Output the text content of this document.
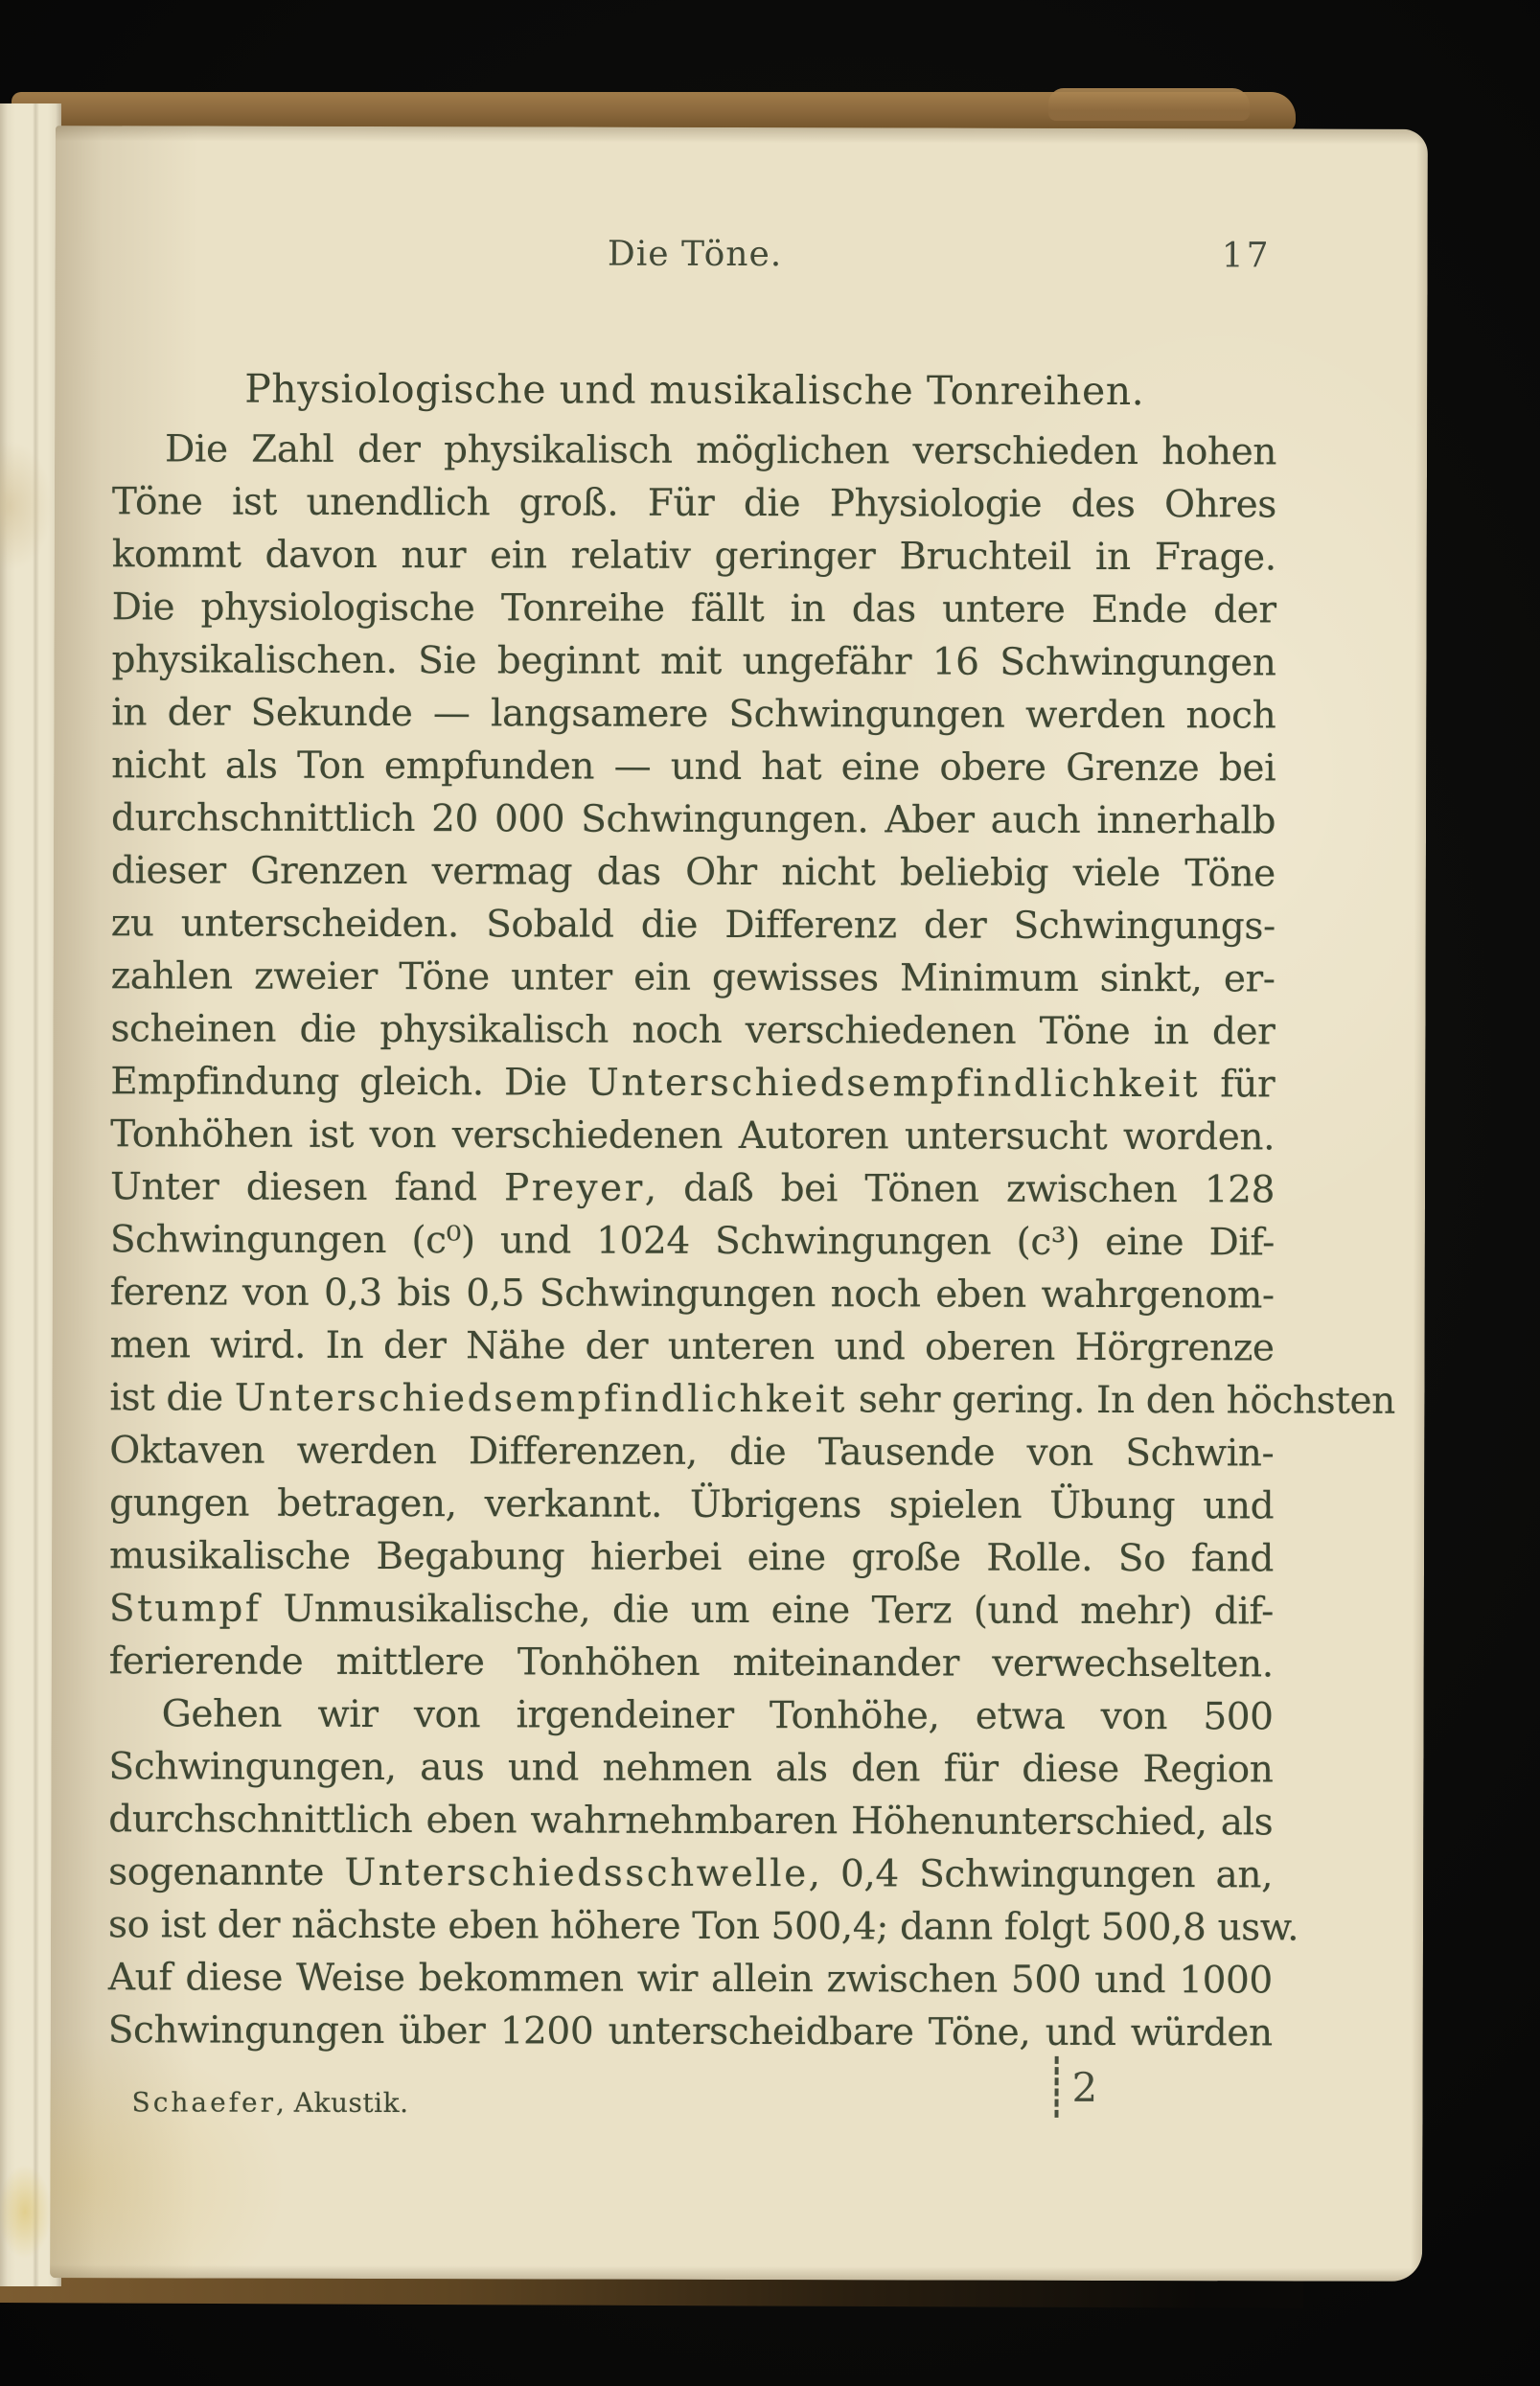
Die Töne.	17
Physiologische und musikalische Tonreihen.
Die Zahl der physikalisch möglichen verschieden hohen
Töne ist unendlich groß. Für die Physiologie des Ohres
kommt davon nur ein relativ geringer Bruchteil in Frage.
Die physiologische Tonreihe fällt in das untere Ende der
physikalischen. Sie beginnt mit ungefähr 16 Schwingungen
in der Sekunde — langsamere Schwingungen werden noch
nicht als Ton empfunden — und hat eine obere Grenze bei
durchschnittlich 20 000 Schwingungen. Aber auch innerhalb
dieser Grenzen vermag das Ohr nicht beliebig viele Töne
zu unterscheiden. Sobald die Differenz der Schwingungs-
zahlen zweier Töne unter ein gewisses Minimum sinkt, er-
scheinen die physikalisch noch verschiedenen Töne in der
Empfindung gleich. Die Unterschiedsempfindlichkeit für
Tonhöhen ist von verschiedenen Autoren untersucht worden.
Unter diesen fand Preyer, daß bei Tönen zwischen 128
Schwingungen (c⁰) und 1024 Schwingungen (c³) eine Dif-
ferenz von 0,3 bis 0,5 Schwingungen noch eben wahrgenom-
men wird. In der Nähe der unteren und oberen Hörgrenze
ist die Unterschiedsempfindlichkeit sehr gering. In den höchsten
Oktaven werden Differenzen, die Tausende von Schwin-
gungen betragen, verkannt. Übrigens spielen Übung und
musikalische Begabung hierbei eine große Rolle. So fand
Stumpf Unmusikalische, die um eine Terz (und mehr) dif-
ferierende mittlere Tonhöhen miteinander verwechselten.
Gehen wir von irgendeiner Tonhöhe, etwa von 500
Schwingungen, aus und nehmen als den für diese Region
durchschnittlich eben wahrnehmbaren Höhenunterschied, als
sogenannte Unterschiedsschwelle, 0,4 Schwingungen an,
so ist der nächste eben höhere Ton 500,4; dann folgt 500,8 usw.
Auf diese Weise bekommen wir allein zwischen 500 und 1000
Schwingungen über 1200 unterscheidbare Töne, und würden
Schaefer, Akustik.	2
